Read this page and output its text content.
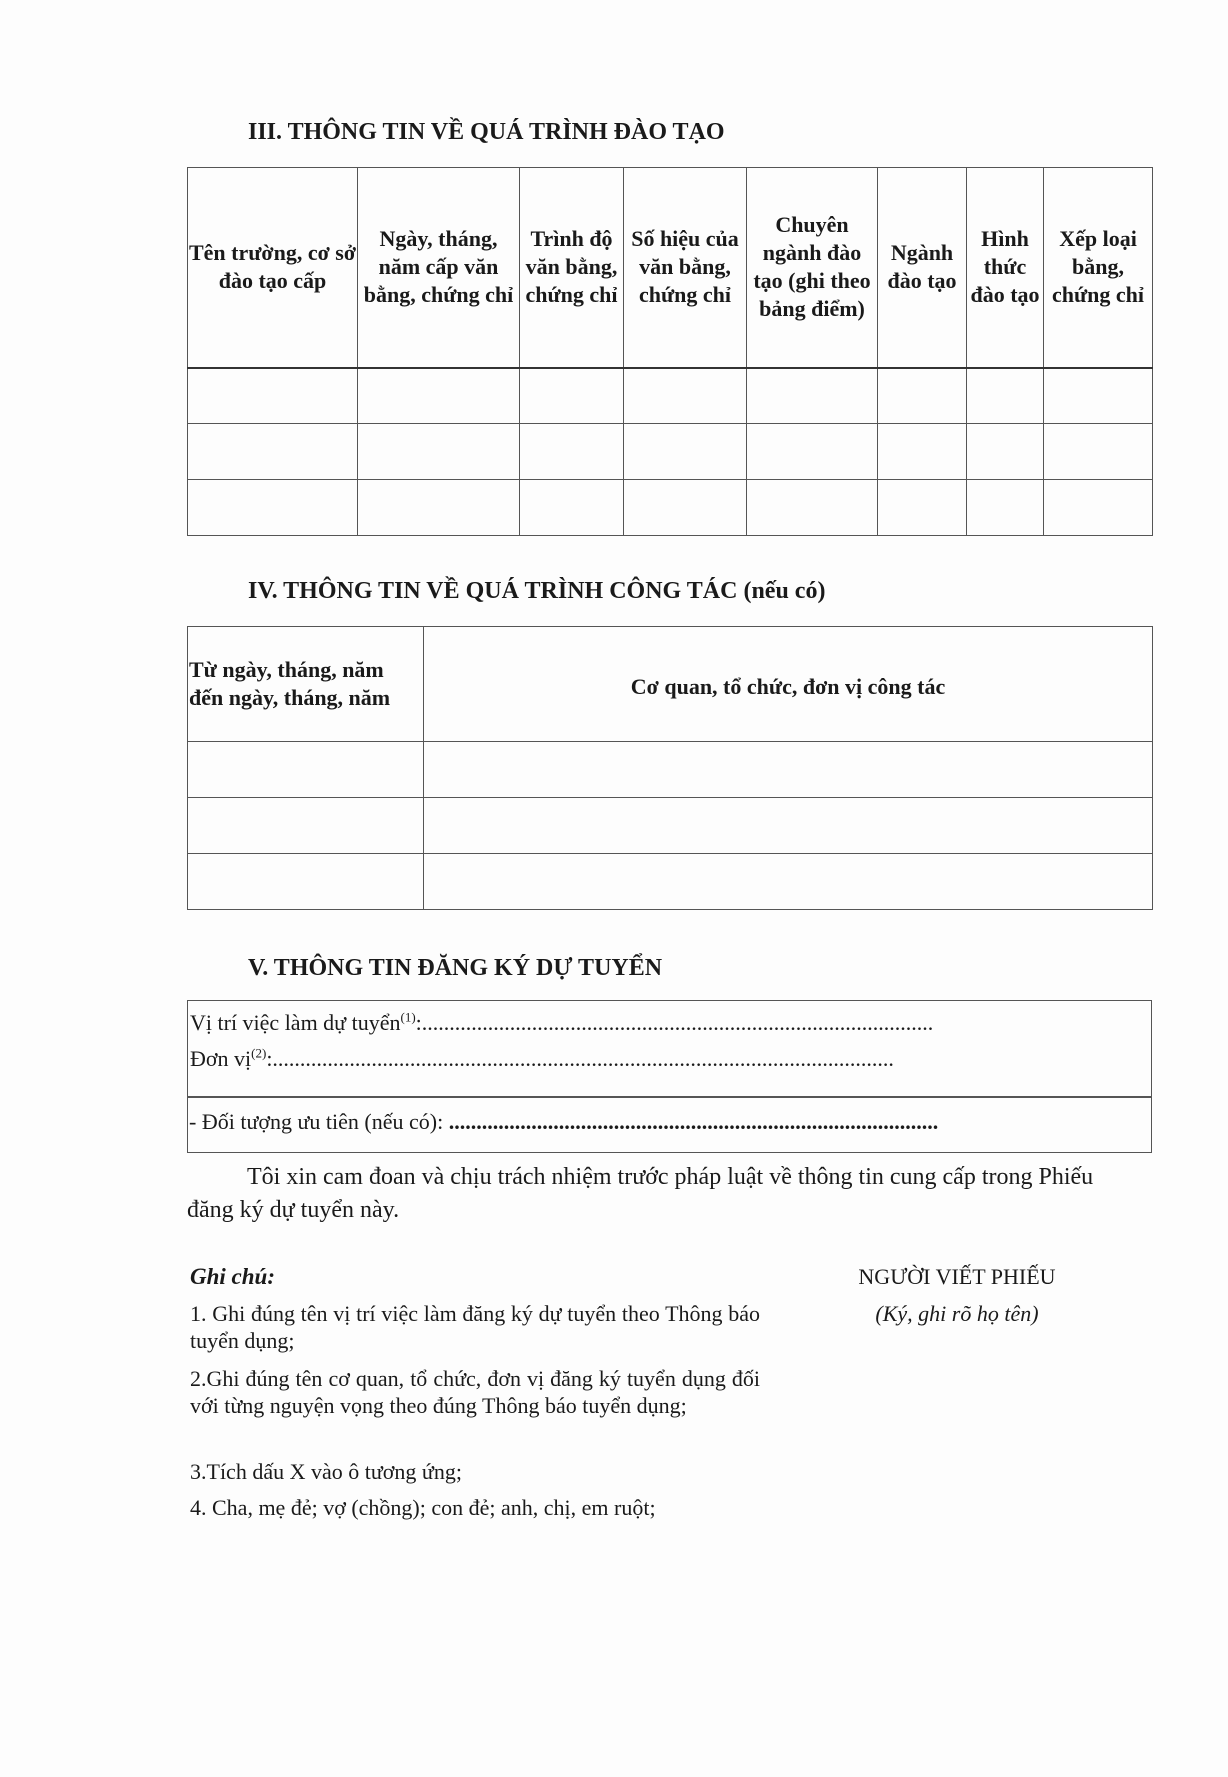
III. THÔNG TIN VỀ QUÁ TRÌNH ĐÀO TẠO
Tên trường, cơ sở đào tạo cấp	Ngày, tháng, năm cấp văn bằng, chứng chỉ	Trình độ văn bằng, chứng chỉ	Số hiệu của văn bằng, chứng chỉ	Chuyên ngành đào tạo (ghi theo bảng điểm)	Ngành đào tạo	Hình thức đào tạo	Xếp loại bằng, chứng chỉ

IV. THÔNG TIN VỀ QUÁ TRÌNH CÔNG TÁC (nếu có)
Từ ngày, tháng, năm đến ngày, tháng, năm	Cơ quan, tổ chức, đơn vị công tác

V. THÔNG TIN ĐĂNG KÝ DỰ TUYỂN
Vị trí việc làm dự tuyển$^{(1)}$:.............................................................................................
Đơn vị$^{(2)}$:.................................................................................................................
- Đối tượng ưu tiên (nếu có): .........................................................................................
Tôi xin cam đoan và chịu trách nhiệm trước pháp luật về thông tin cung cấp trong Phiếu đăng ký dự tuyển này.
Ghi chú:
1. Ghi đúng tên vị trí việc làm đăng ký dự tuyển theo Thông báo tuyển dụng;
2.Ghi đúng tên cơ quan, tổ chức, đơn vị đăng ký tuyển dụng đối với từng nguyện vọng theo đúng Thông báo tuyển dụng;
3.Tích dấu X vào ô tương ứng;
4. Cha, mẹ đẻ; vợ (chồng); con đẻ; anh, chị, em ruột;
NGƯỜI VIẾT PHIẾU
(Ký, ghi rõ họ tên)
